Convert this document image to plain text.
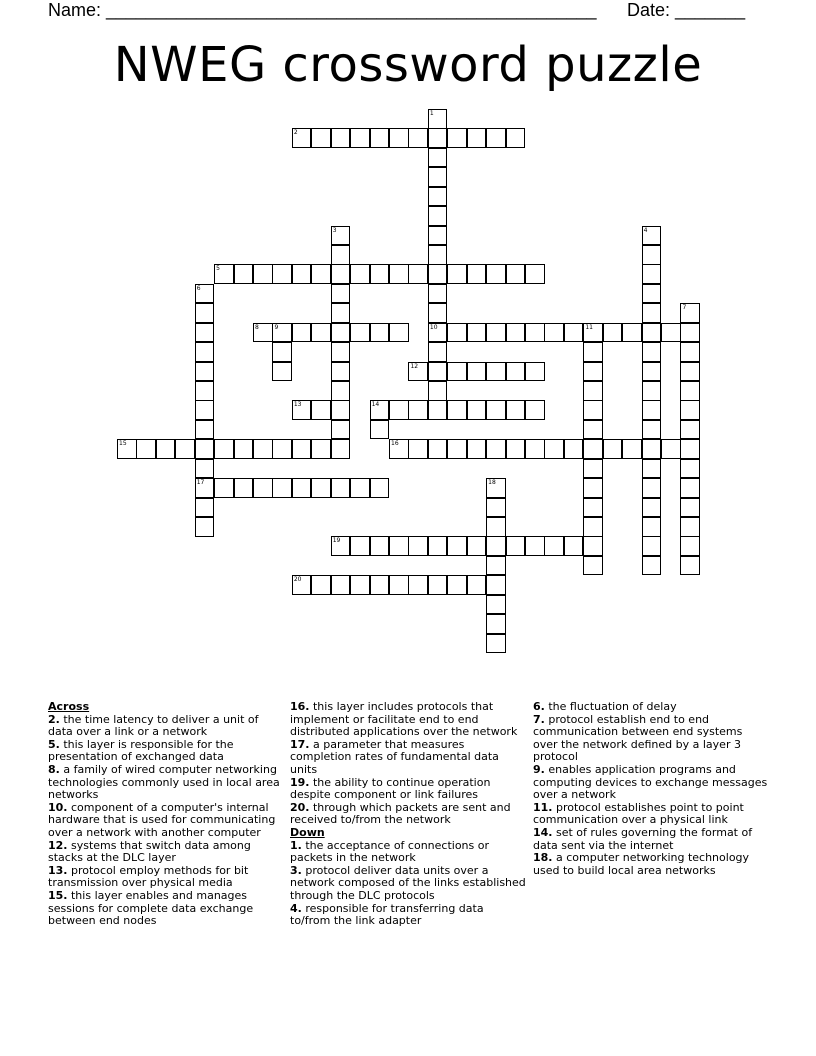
Name: _________________________________________________ Date: _______
NWEG crossword puzzle
1
10
2
3	4
5
6
17
7
8	9	11
12
13	14
15	16
18
19
20
Across
2. the time latency to deliver a unit of data over a link or a network
5. this layer is responsible for the presentation of exchanged data
8. a family of wired computer networking technologies commonly used in local area networks
10. component of a computer's internal hardware that is used for communicating over a network with another computer
12. systems that switch data among stacks at the DLC layer
13. protocol employ methods for bit transmission over physical media
15. this layer enables and manages sessions for complete data exchange between end nodes
16. this layer includes protocols that implement or facilitate end to end distributed applications over the network
17. a parameter that measures completion rates of fundamental data units
19. the ability to continue operation despite component or link failures
20. through which packets are sent and received to/from the network
Down
1. the acceptance of connections or packets in the network
3. protocol deliver data units over a network composed of the links established through the DLC protocols
4. responsible for transferring data to/from the link adapter
6. the fluctuation of delay
7. protocol establish end to end communication between end systems over the network defined by a layer 3 protocol
9. enables application programs and computing devices to exchange messages over a network
11. protocol establishes point to point communication over a physical link
14. set of rules governing the format of data sent via the internet
18. a computer networking technology used to build local area networks
